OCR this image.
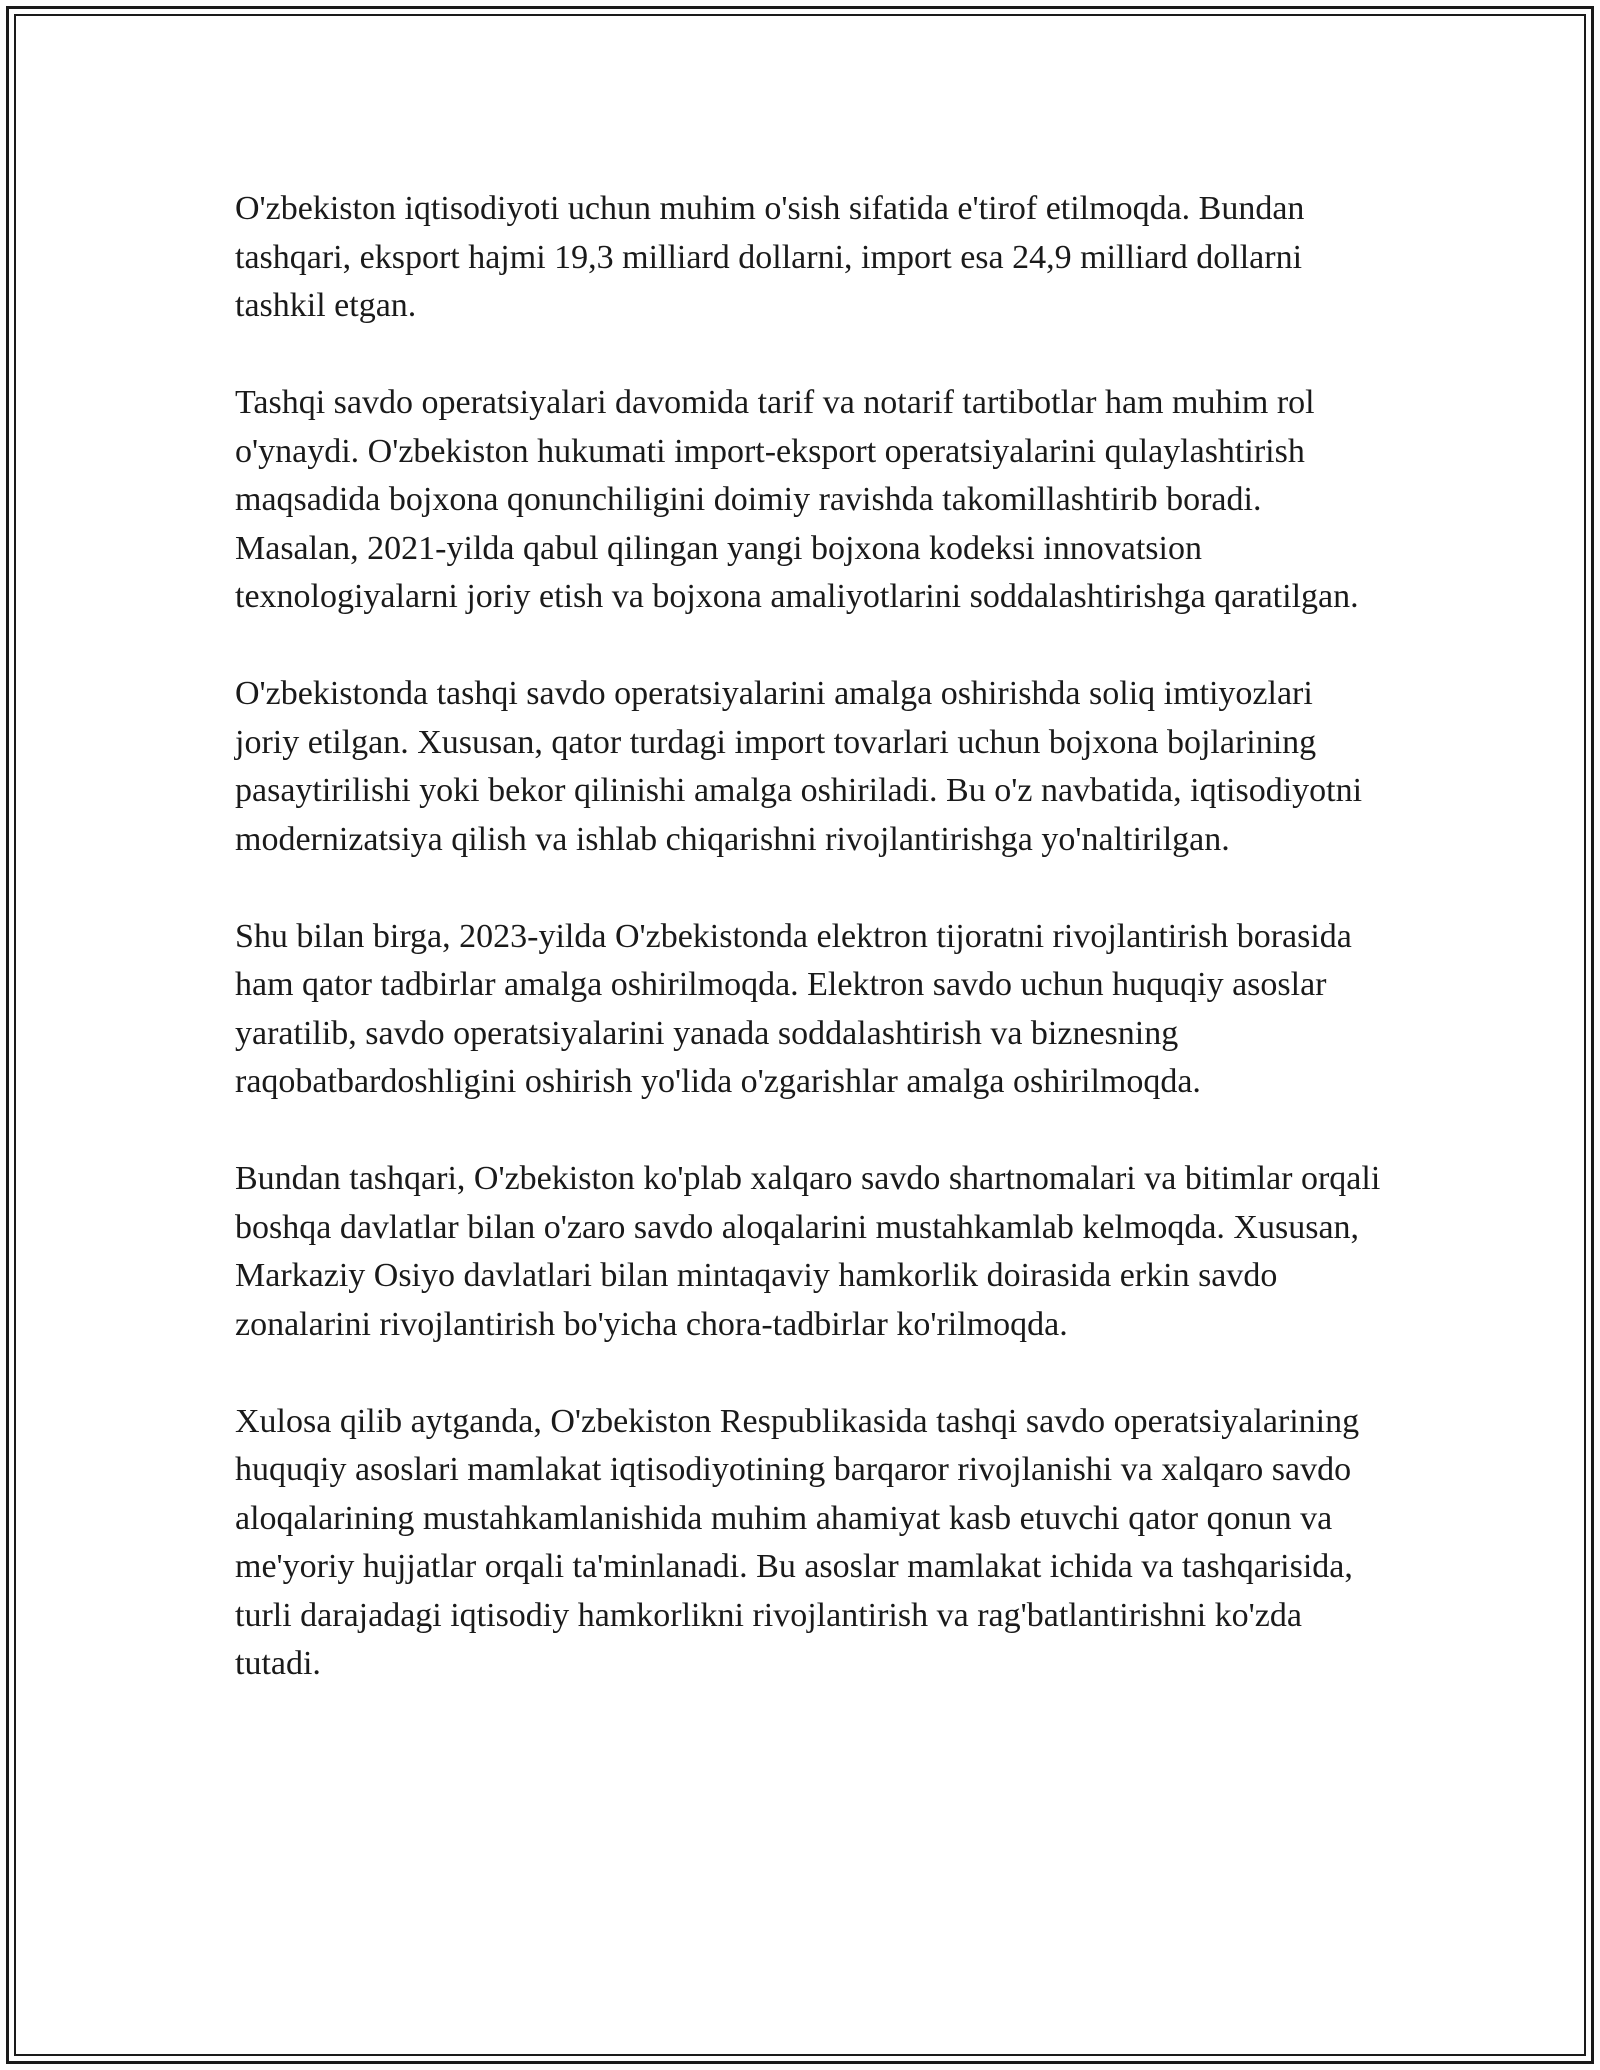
O'zbekiston iqtisodiyoti uchun muhim o'sish sifatida e'tirof etilmoqda. Bundan tashqari, eksport hajmi 19,3 milliard dollarni, import esa 24,9 milliard dollarni tashkil etgan.

Tashqi savdo operatsiyalari davomida tarif va notarif tartibotlar ham muhim rol o'ynaydi. O'zbekiston hukumati import-eksport operatsiyalarini qulaylashtirish maqsadida bojxona qonunchiligini doimiy ravishda takomillashtirib boradi. Masalan, 2021-yilda qabul qilingan yangi bojxona kodeksi innovatsion texnologiyalarni joriy etish va bojxona amaliyotlarini soddalashtirishga qaratilgan.

O'zbekistonda tashqi savdo operatsiyalarini amalga oshirishda soliq imtiyozlari joriy etilgan. Xususan, qator turdagi import tovarlari uchun bojxona bojlarining pasaytirilishi yoki bekor qilinishi amalga oshiriladi. Bu o'z navbatida, iqtisodiyotni modernizatsiya qilish va ishlab chiqarishni rivojlantirishga yo'naltirilgan.

Shu bilan birga, 2023-yilda O'zbekistonda elektron tijoratni rivojlantirish borasida ham qator tadbirlar amalga oshirilmoqda. Elektron savdo uchun huquqiy asoslar yaratilib, savdo operatsiyalarini yanada soddalashtirish va biznesning raqobatbardoshligini oshirish yo'lida o'zgarishlar amalga oshirilmoqda.

Bundan tashqari, O'zbekiston ko'plab xalqaro savdo shartnomalari va bitimlar orqali boshqa davlatlar bilan o'zaro savdo aloqalarini mustahkamlab kelmoqda. Xususan, Markaziy Osiyo davlatlari bilan mintaqaviy hamkorlik doirasida erkin savdo zonalarini rivojlantirish bo'yicha chora-tadbirlar ko'rilmoqda.

Xulosa qilib aytganda, O'zbekiston Respublikasida tashqi savdo operatsiyalarining huquqiy asoslari mamlakat iqtisodiyotining barqaror rivojlanishi va xalqaro savdo aloqalarining mustahkamlanishida muhim ahamiyat kasb etuvchi qator qonun va me'yoriy hujjatlar orqali ta'minlanadi. Bu asoslar mamlakat ichida va tashqarisida, turli darajadagi iqtisodiy hamkorlikni rivojlantirish va rag'batlantirishni ko'zda tutadi.
